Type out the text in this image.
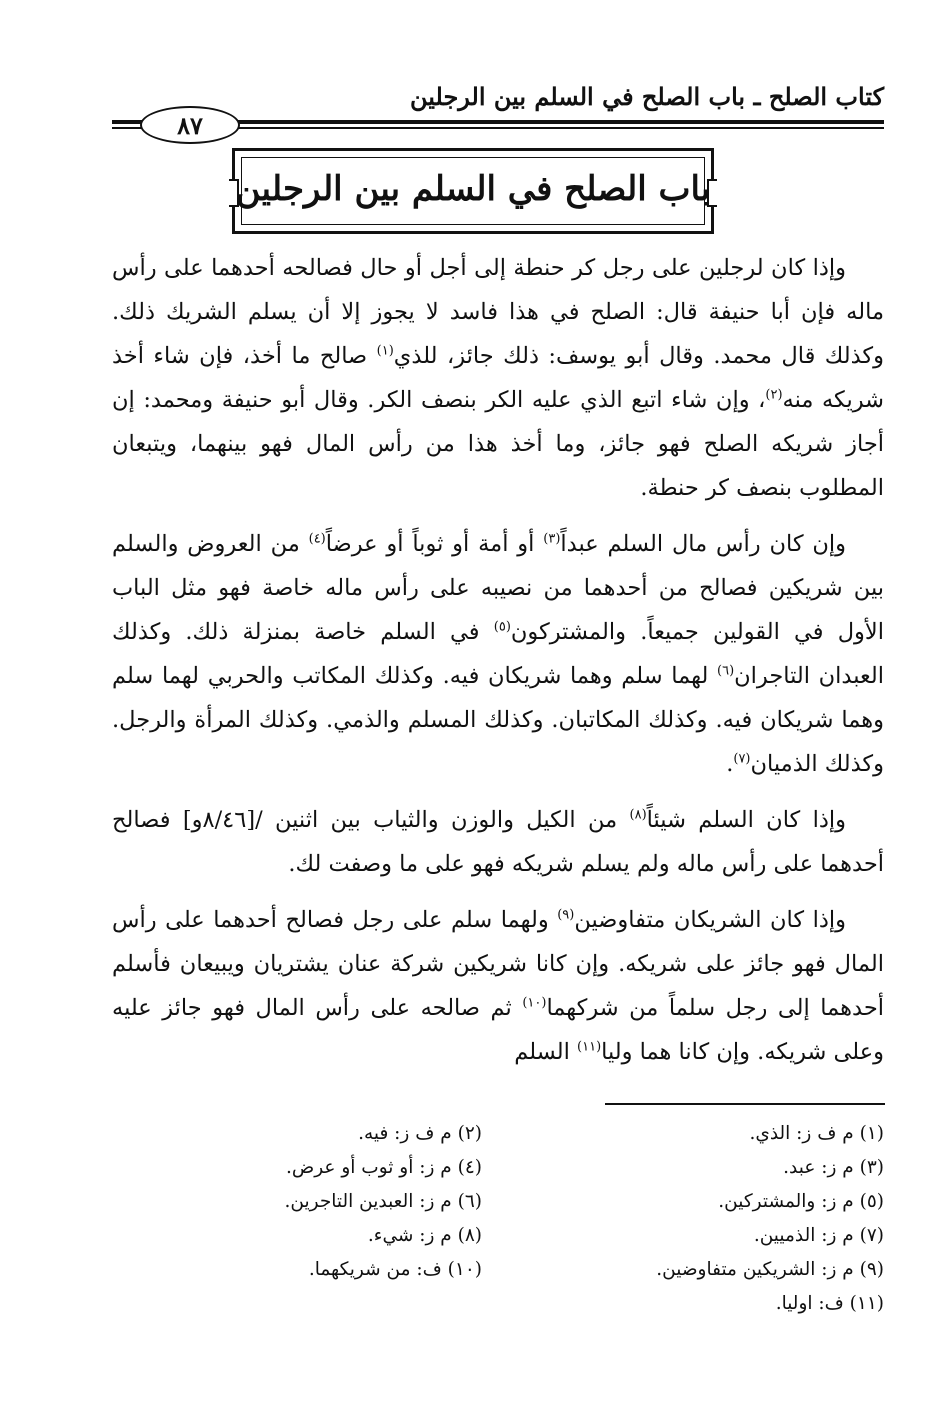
كتاب الصلح ـ باب الصلح في السلم بين الرجلين
٨٧
باب الصلح في السلم بين الرجلين

وإذا كان لرجلين على رجل كر حنطة إلى أجل أو حال فصالحه أحدهما على رأس ماله فإن أبا حنيفة قال: الصلح في هذا فاسد لا يجوز إلا أن يسلم الشريك ذلك. وكذلك قال محمد. وقال أبو يوسف: ذلك جائز، للذي$^{(١)}$ صالح ما أخذ، فإن شاء أخذ شريكه منه$^{(٢)}$، وإن شاء اتبع الذي عليه الكر بنصف الكر. وقال أبو حنيفة ومحمد: إن أجاز شريكه الصلح فهو جائز، وما أخذ هذا من رأس المال فهو بينهما، ويتبعان المطلوب بنصف كر حنطة.

وإن كان رأس مال السلم عبداً$^{(٣)}$ أو أمة أو ثوباً أو عرضاً$^{(٤)}$ من العروض والسلم بين شريكين فصالح من أحدهما من نصيبه على رأس ماله خاصة فهو مثل الباب الأول في القولين جميعاً. والمشتركون$^{(٥)}$ في السلم خاصة بمنزلة ذلك. وكذلك العبدان التاجران$^{(٦)}$ لهما سلم وهما شريكان فيه. وكذلك المكاتب والحربي لهما سلم وهما شريكان فيه. وكذلك المكاتبان. وكذلك المسلم والذمي. وكذلك المرأة والرجل. وكذلك الذميان$^{(٧)}$.

وإذا كان السلم شيئاً$^{(٨)}$ من الكيل والوزن والثياب بين اثنين /[٨/٤٦و] فصالح أحدهما على رأس ماله ولم يسلم شريكه فهو على ما وصفت لك.

وإذا كان الشريكان متفاوضين$^{(٩)}$ ولهما سلم على رجل فصالح أحدهما على رأس المال فهو جائز على شريكه. وإن كانا شريكين شركة عنان يشتريان ويبيعان فأسلم أحدهما إلى رجل سلماً من شركهما$^{(١٠)}$ ثم صالحه على رأس المال فهو جائز عليه وعلى شريكه. وإن كانا هما وليا$^{(١١)}$ السلم

(١) م ف ز: الذي.
(٢) م ف ز: فيه.
(٣) م ز: عبد.
(٤) م ز: أو ثوب أو عرض.
(٥) م ز: والمشتركين.
(٦) م ز: العبدين التاجرين.
(٧) م ز: الذميين.
(٨) م ز: شيء.
(٩) م ز: الشريكين متفاوضين.
(١٠) ف: من شريكهما.
(١١) ف: اوليا.
